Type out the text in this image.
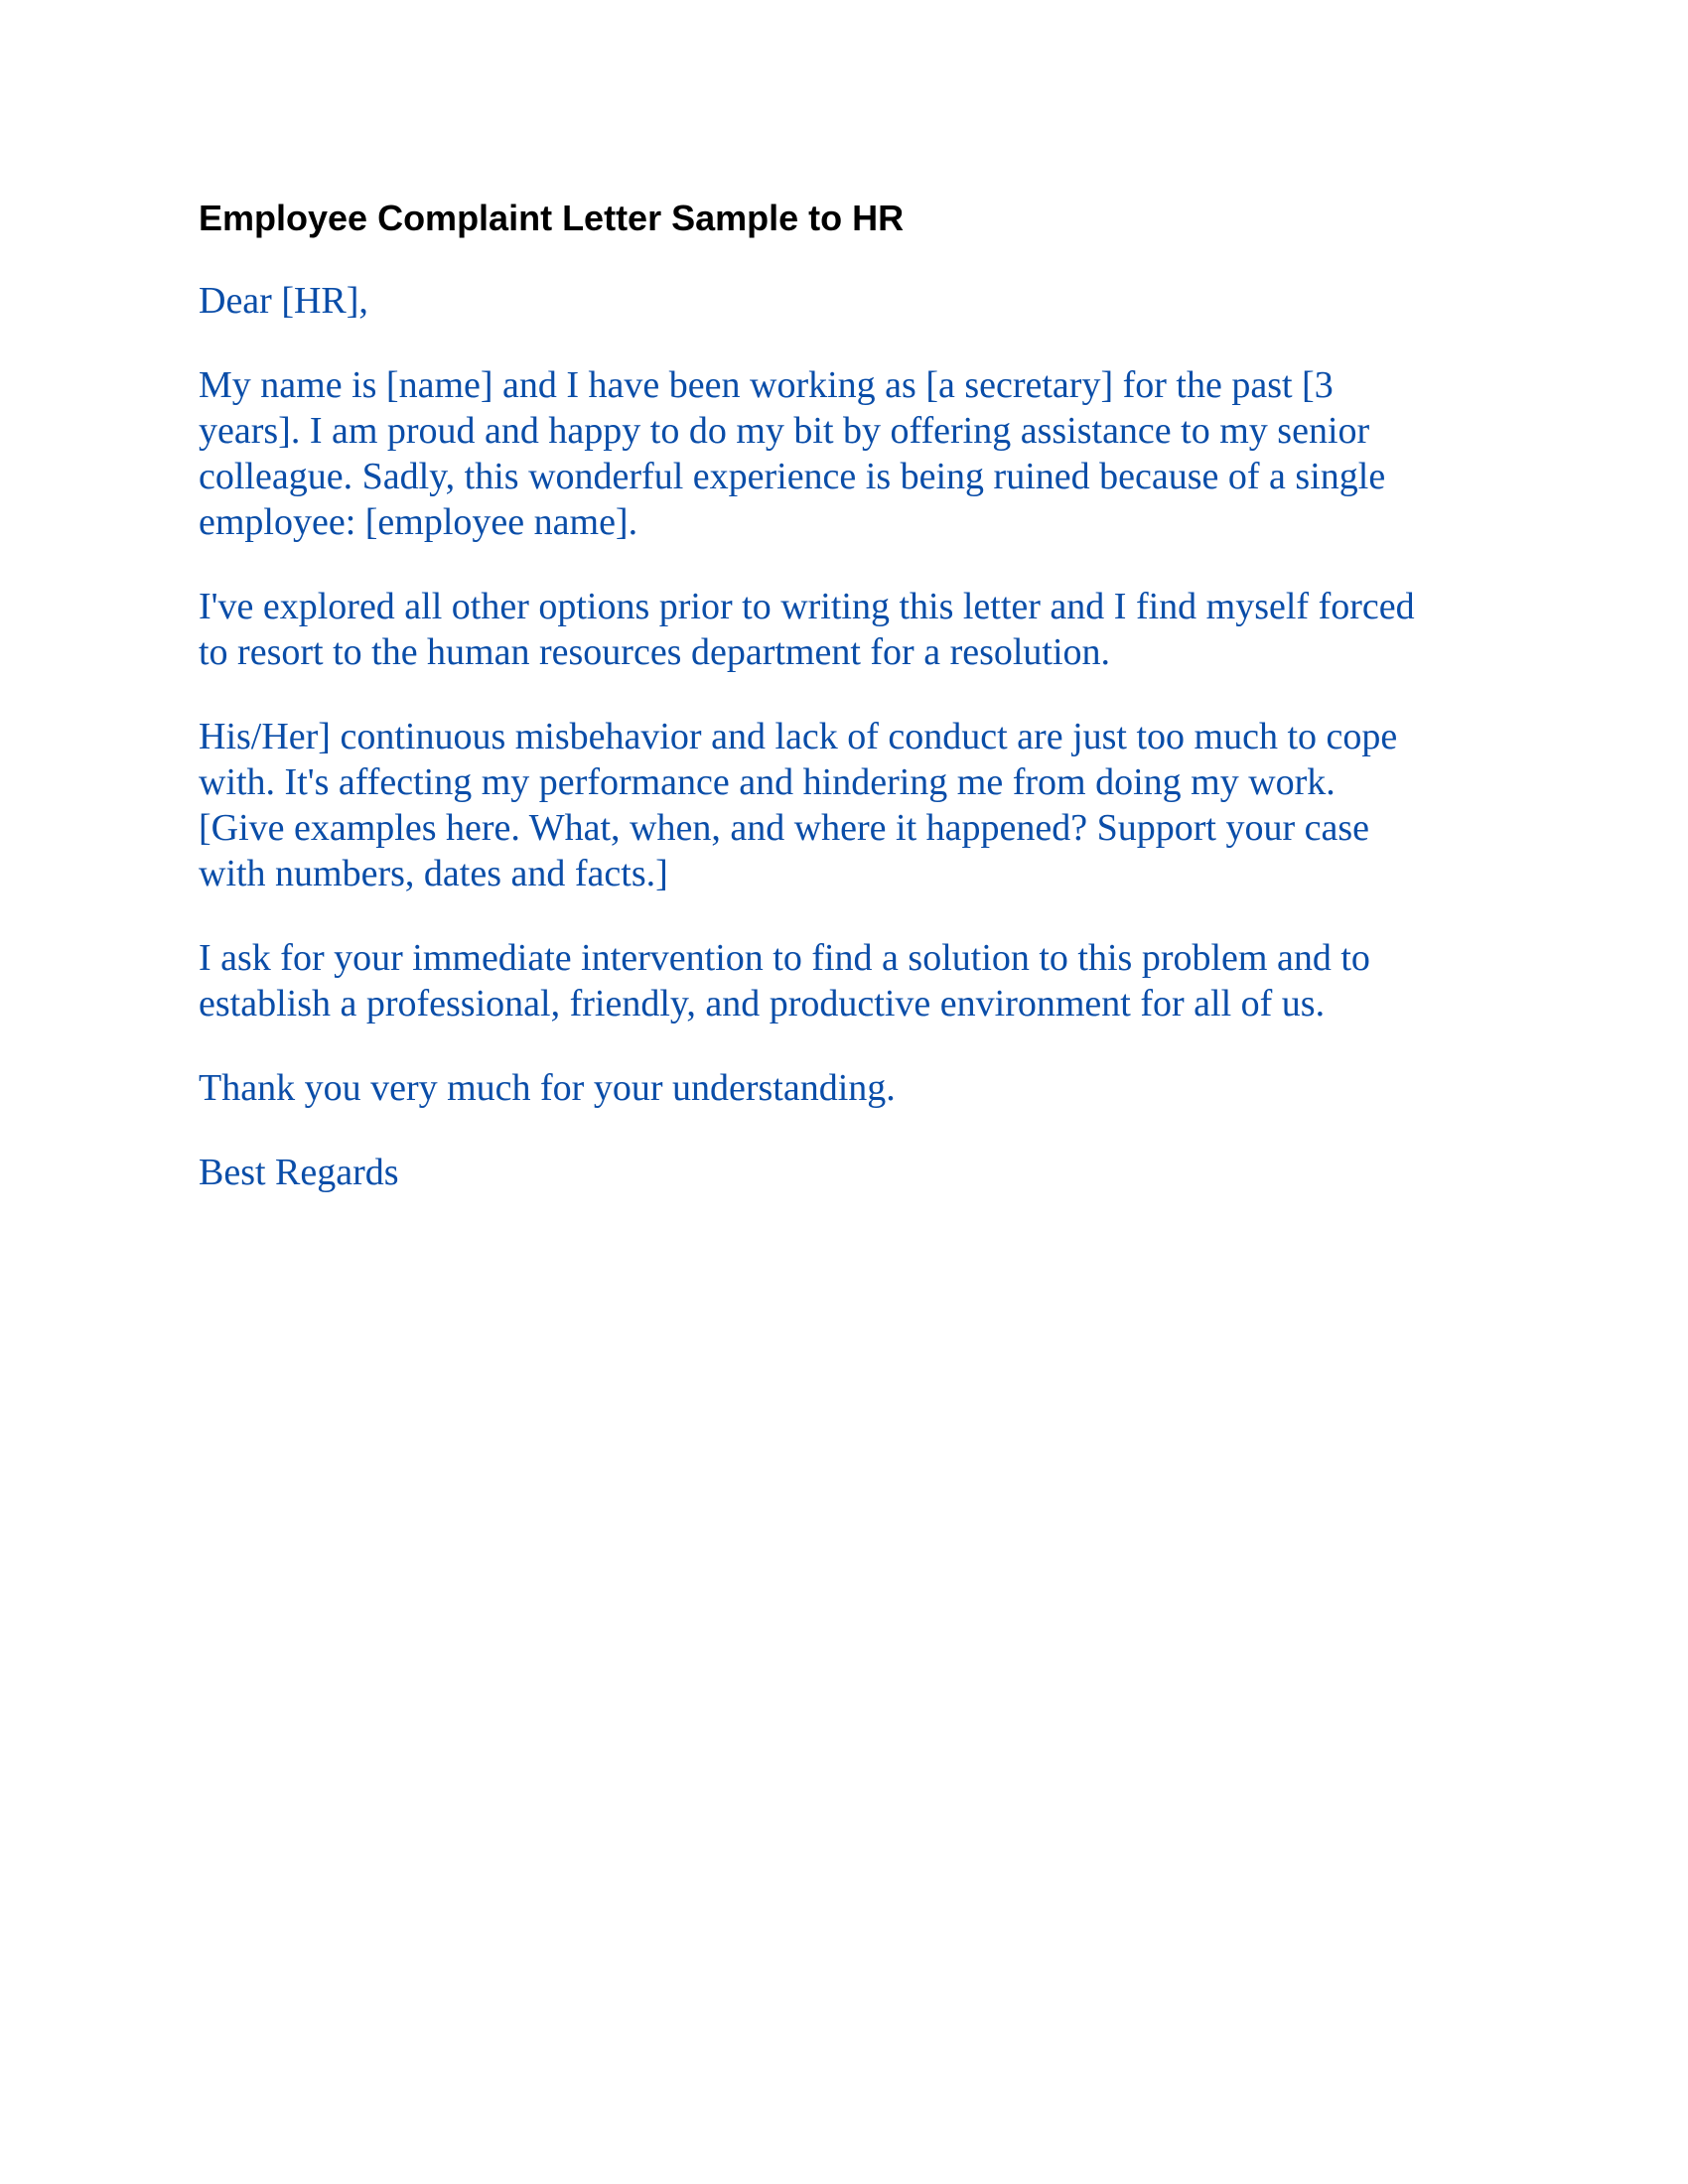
Employee Complaint Letter Sample to HR

Dear [HR],

My name is [name] and I have been working as [a secretary] for the past [3
years]. I am proud and happy to do my bit by offering assistance to my senior
colleague. Sadly, this wonderful experience is being ruined because of a single
employee: [employee name].

I've explored all other options prior to writing this letter and I find myself forced
to resort to the human resources department for a resolution.

His/Her] continuous misbehavior and lack of conduct are just too much to cope
with. It's affecting my performance and hindering me from doing my work.
[Give examples here. What, when, and where it happened? Support your case
with numbers, dates and facts.]

I ask for your immediate intervention to find a solution to this problem and to
establish a professional, friendly, and productive environment for all of us.

Thank you very much for your understanding.

Best Regards
